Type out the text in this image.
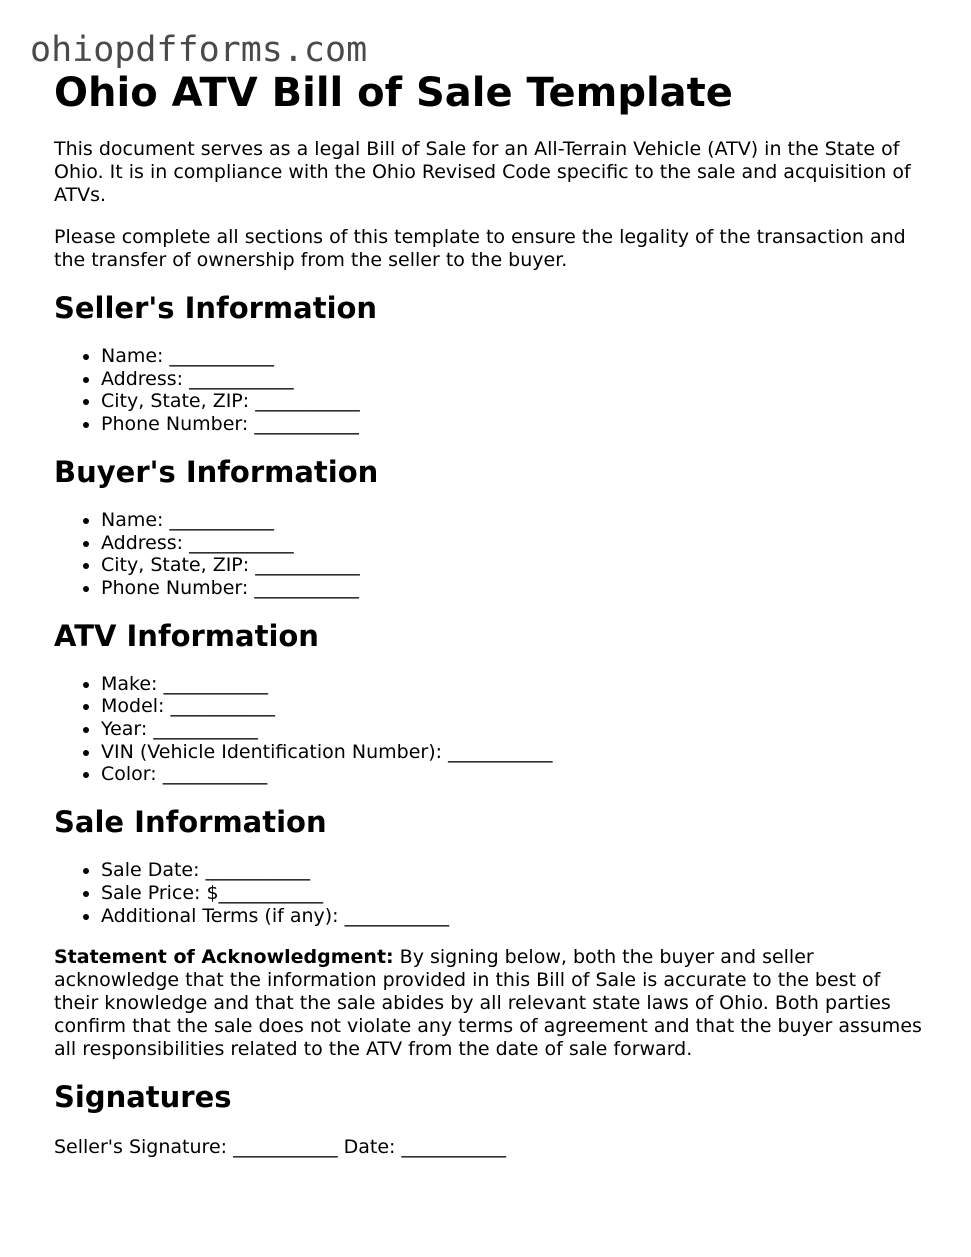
ohiopdfforms.com
Ohio ATV Bill of Sale Template

This document serves as a legal Bill of Sale for an All-Terrain Vehicle (ATV) in the State of Ohio. It is in compliance with the Ohio Revised Code specific to the sale and acquisition of ATVs.

Please complete all sections of this template to ensure the legality of the transaction and the transfer of ownership from the seller to the buyer.

Seller's Information
• Name: ___________
• Address: ___________
• City, State, ZIP: ___________
• Phone Number: ___________
Buyer's Information
• Name: ___________
• Address: ___________
• City, State, ZIP: ___________
• Phone Number: ___________
ATV Information
• Make: ___________
• Model: ___________
• Year: ___________
• VIN (Vehicle Identification Number): ___________
• Color: ___________
Sale Information
• Sale Date: ___________
• Sale Price: $___________
• Additional Terms (if any): ___________

Statement of Acknowledgment: By signing below, both the buyer and seller acknowledge that the information provided in this Bill of Sale is accurate to the best of their knowledge and that the sale abides by all relevant state laws of Ohio. Both parties confirm that the sale does not violate any terms of agreement and that the buyer assumes all responsibilities related to the ATV from the date of sale forward.

Signatures
Seller's Signature: ___________ Date: ___________
